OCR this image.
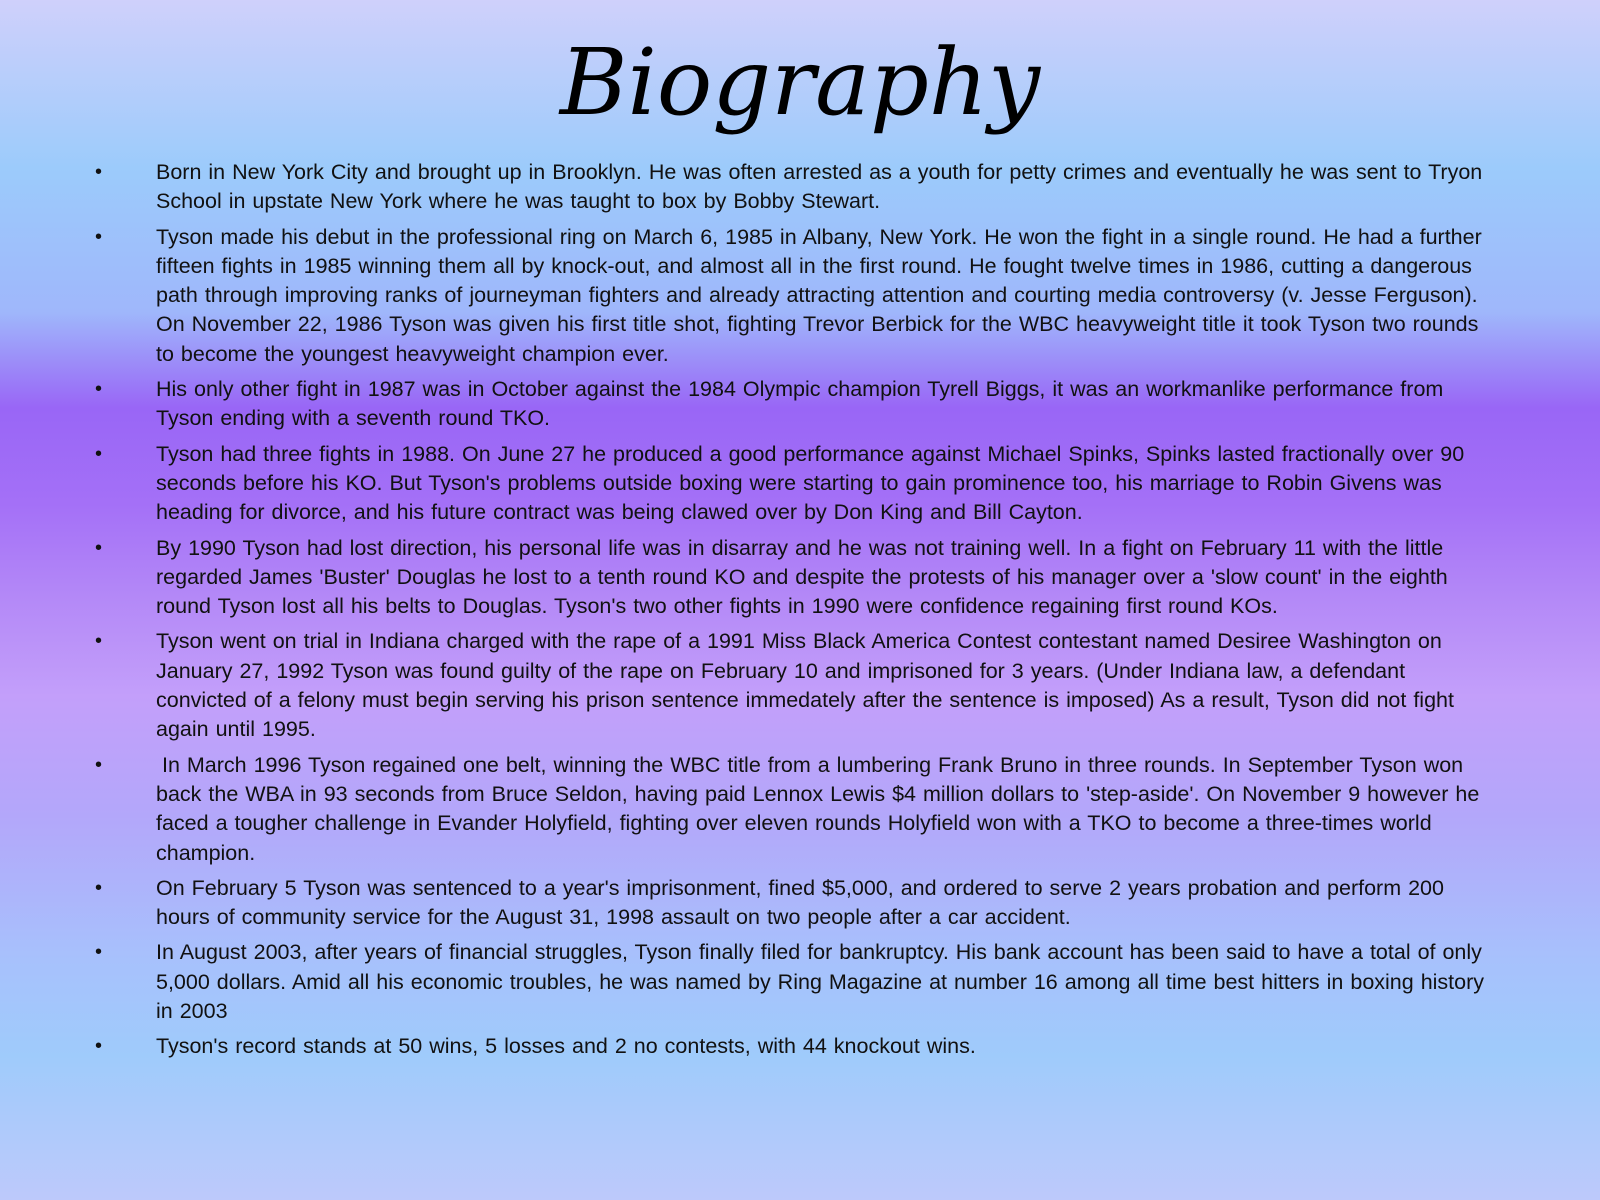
Biography
•	Born in New York City and brought up in Brooklyn. He was often arrested as a youth for petty crimes and eventually he was sent to Tryon School in upstate New York where he was taught to box by Bobby Stewart.
•	Tyson made his debut in the professional ring on March 6, 1985 in Albany, New York. He won the fight in a single round. He had a further fifteen fights in 1985 winning them all by knock-out, and almost all in the first round. He fought twelve times in 1986, cutting a dangerous path through improving ranks of journeyman fighters and already attracting attention and courting media controversy (v. Jesse Ferguson). On November 22, 1986 Tyson was given his first title shot, fighting Trevor Berbick for the WBC heavyweight title it took Tyson two rounds to become the youngest heavyweight champion ever.
•	His only other fight in 1987 was in October against the 1984 Olympic champion Tyrell Biggs, it was an workmanlike performance from Tyson ending with a seventh round TKO.
•	Tyson had three fights in 1988. On June 27 he produced a good performance against Michael Spinks, Spinks lasted fractionally over 90 seconds before his KO. But Tyson's problems outside boxing were starting to gain prominence too, his marriage to Robin Givens was heading for divorce, and his future contract was being clawed over by Don King and Bill Cayton.
•	By 1990 Tyson had lost direction, his personal life was in disarray and he was not training well. In a fight on February 11 with the little regarded James 'Buster' Douglas he lost to a tenth round KO and despite the protests of his manager over a 'slow count' in the eighth round Tyson lost all his belts to Douglas. Tyson's two other fights in 1990 were confidence regaining first round KOs.
•	Tyson went on trial in Indiana charged with the rape of a 1991 Miss Black America Contest contestant named Desiree Washington on January 27, 1992 Tyson was found guilty of the rape on February 10 and imprisoned for 3 years. (Under Indiana law, a defendant convicted of a felony must begin serving his prison sentence immedately after the sentence is imposed) As a result, Tyson did not fight again until 1995.
•	In March 1996 Tyson regained one belt, winning the WBC title from a lumbering Frank Bruno in three rounds. In September Tyson won back the WBA in 93 seconds from Bruce Seldon, having paid Lennox Lewis $4 million dollars to 'step-aside'. On November 9 however he faced a tougher challenge in Evander Holyfield, fighting over eleven rounds Holyfield won with a TKO to become a three-times world champion.
•	On February 5 Tyson was sentenced to a year's imprisonment, fined $5,000, and ordered to serve 2 years probation and perform 200 hours of community service for the August 31, 1998 assault on two people after a car accident.
•	In August 2003, after years of financial struggles, Tyson finally filed for bankruptcy. His bank account has been said to have a total of only 5,000 dollars. Amid all his economic troubles, he was named by Ring Magazine at number 16 among all time best hitters in boxing history in 2003
•	Tyson's record stands at 50 wins, 5 losses and 2 no contests, with 44 knockout wins.
